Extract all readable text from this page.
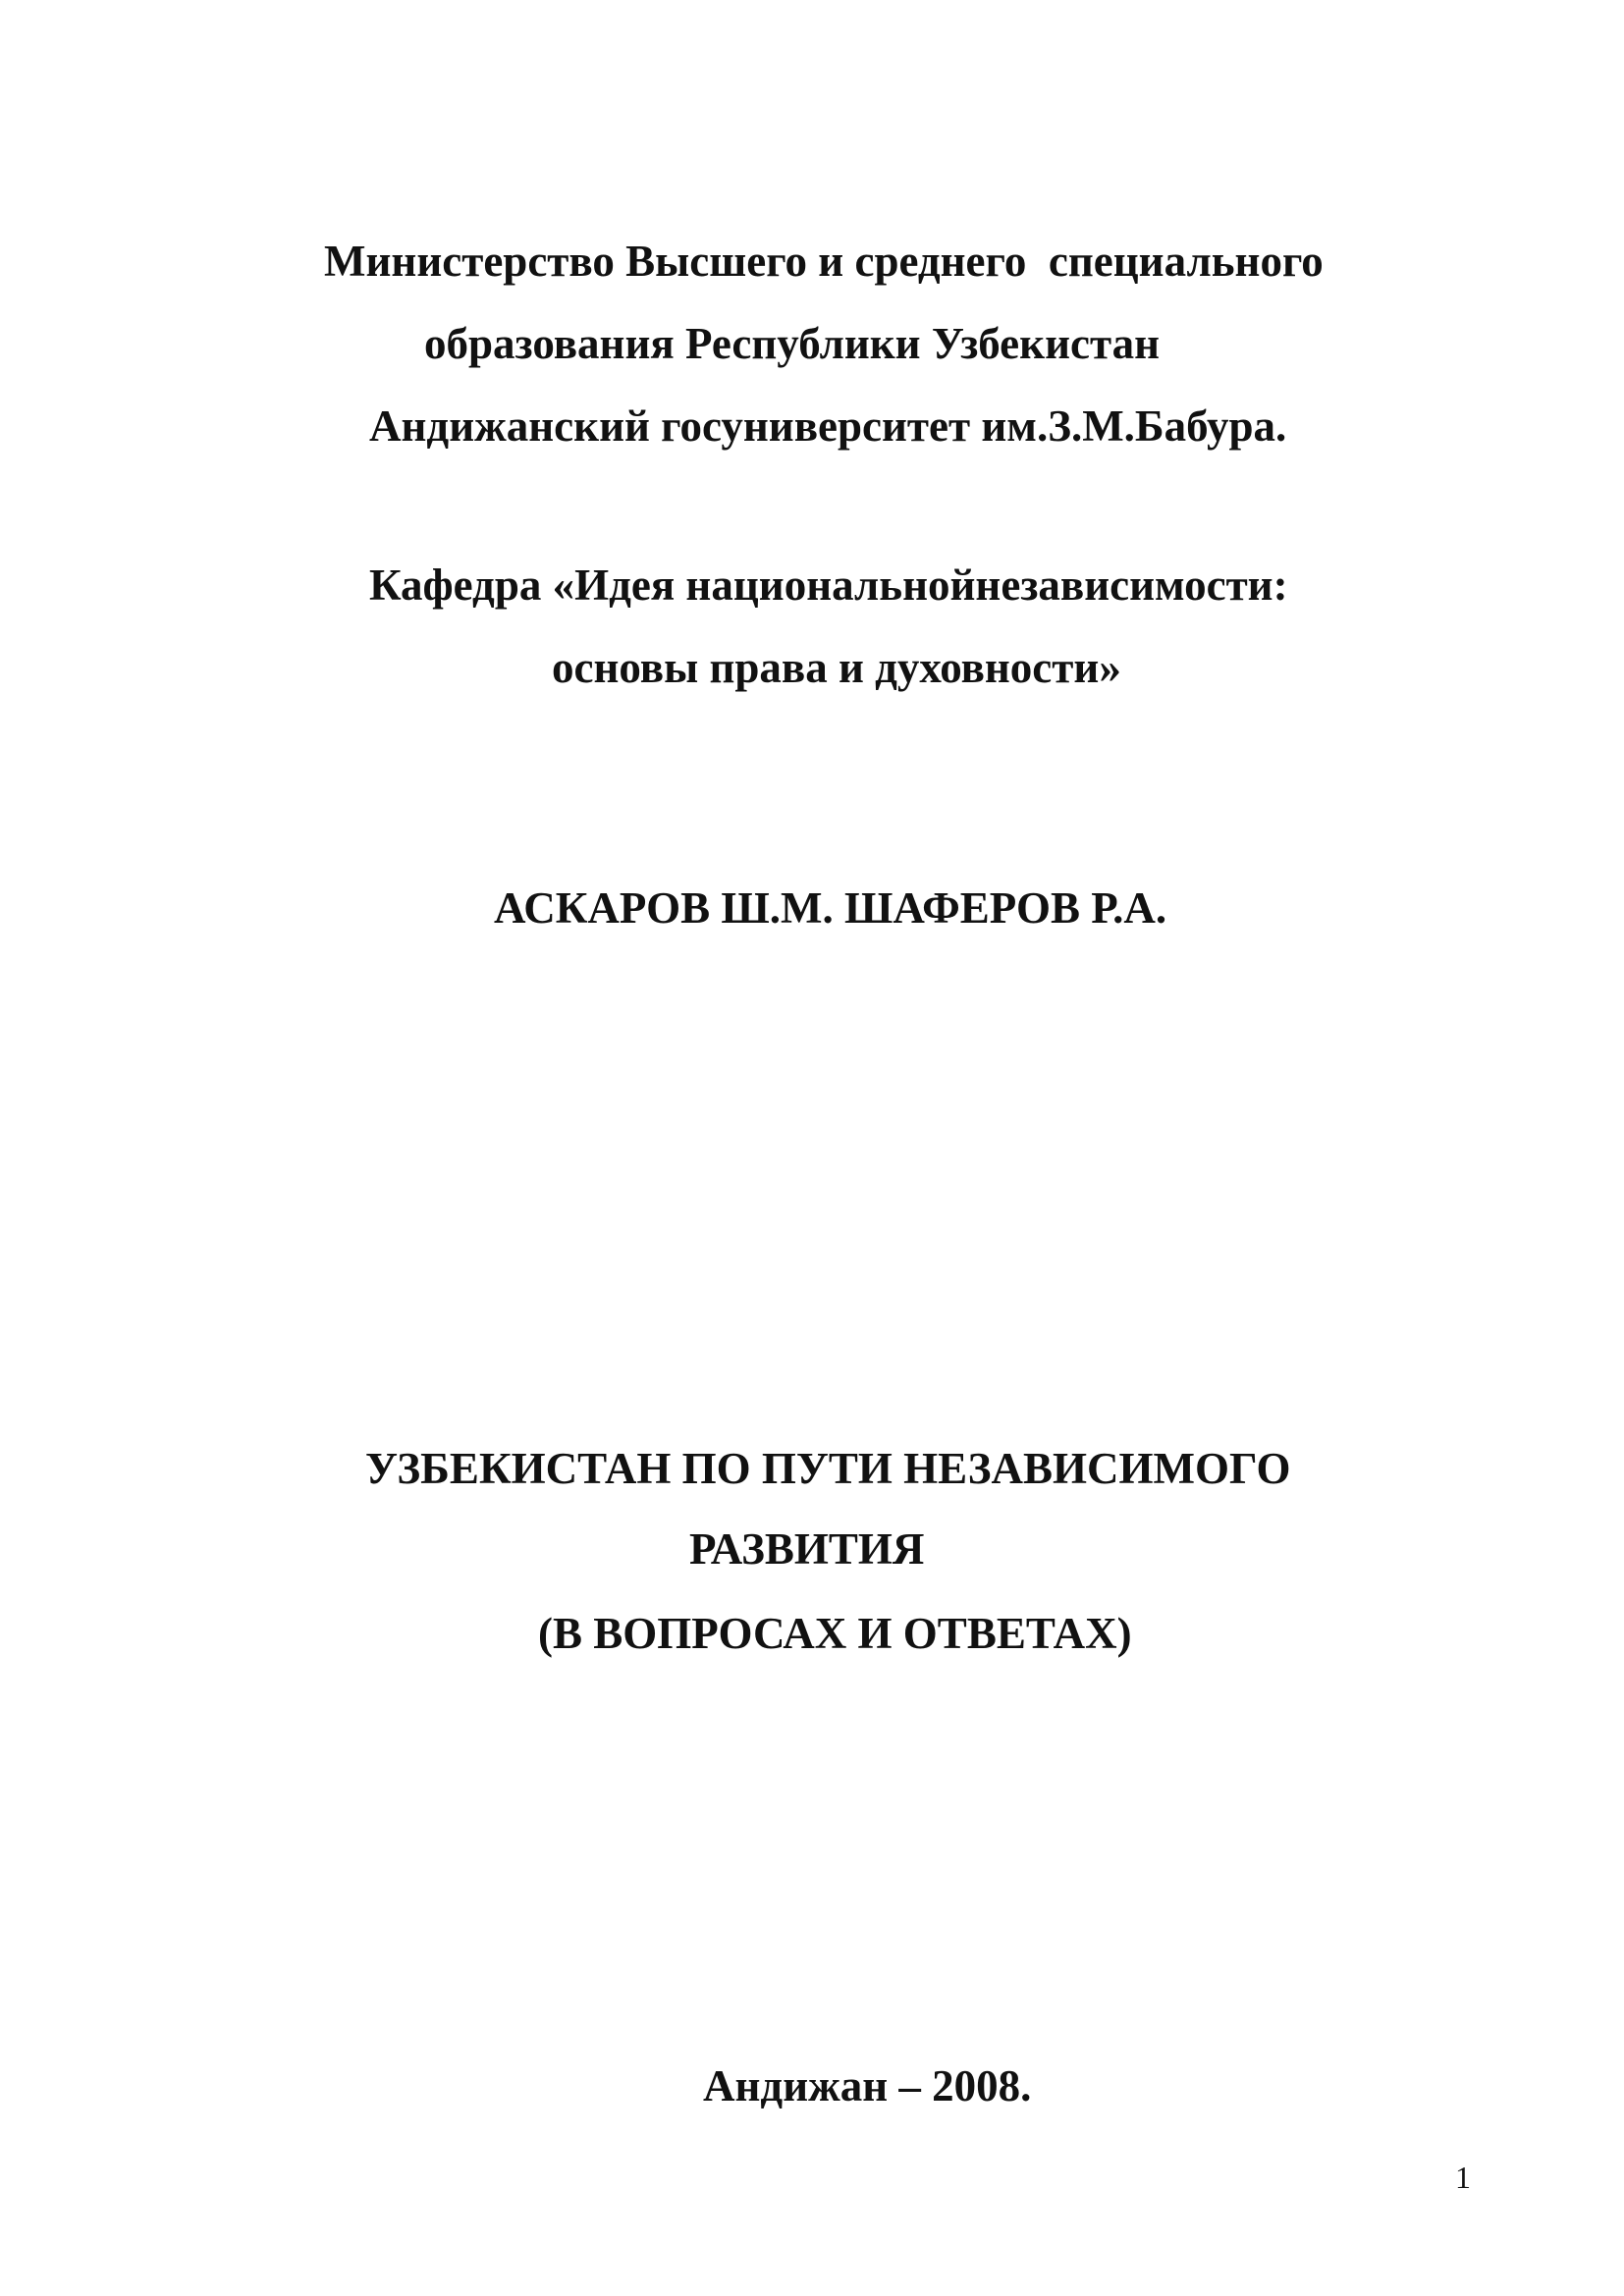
Министерство Высшего и среднего  специального
образования Республики Узбекистан
Андижанский госуниверситет им.З.М.Бабура.
Кафедра «Идея национальнойнезависимости:
основы права и духовности»
АСКАРОВ Ш.М. ШАФЕРОВ Р.А.
УЗБЕКИСТАН ПО ПУТИ НЕЗАВИСИМОГО
РАЗВИТИЯ
(В ВОПРОСАХ И ОТВЕТАХ)
Андижан – 2008.
1
